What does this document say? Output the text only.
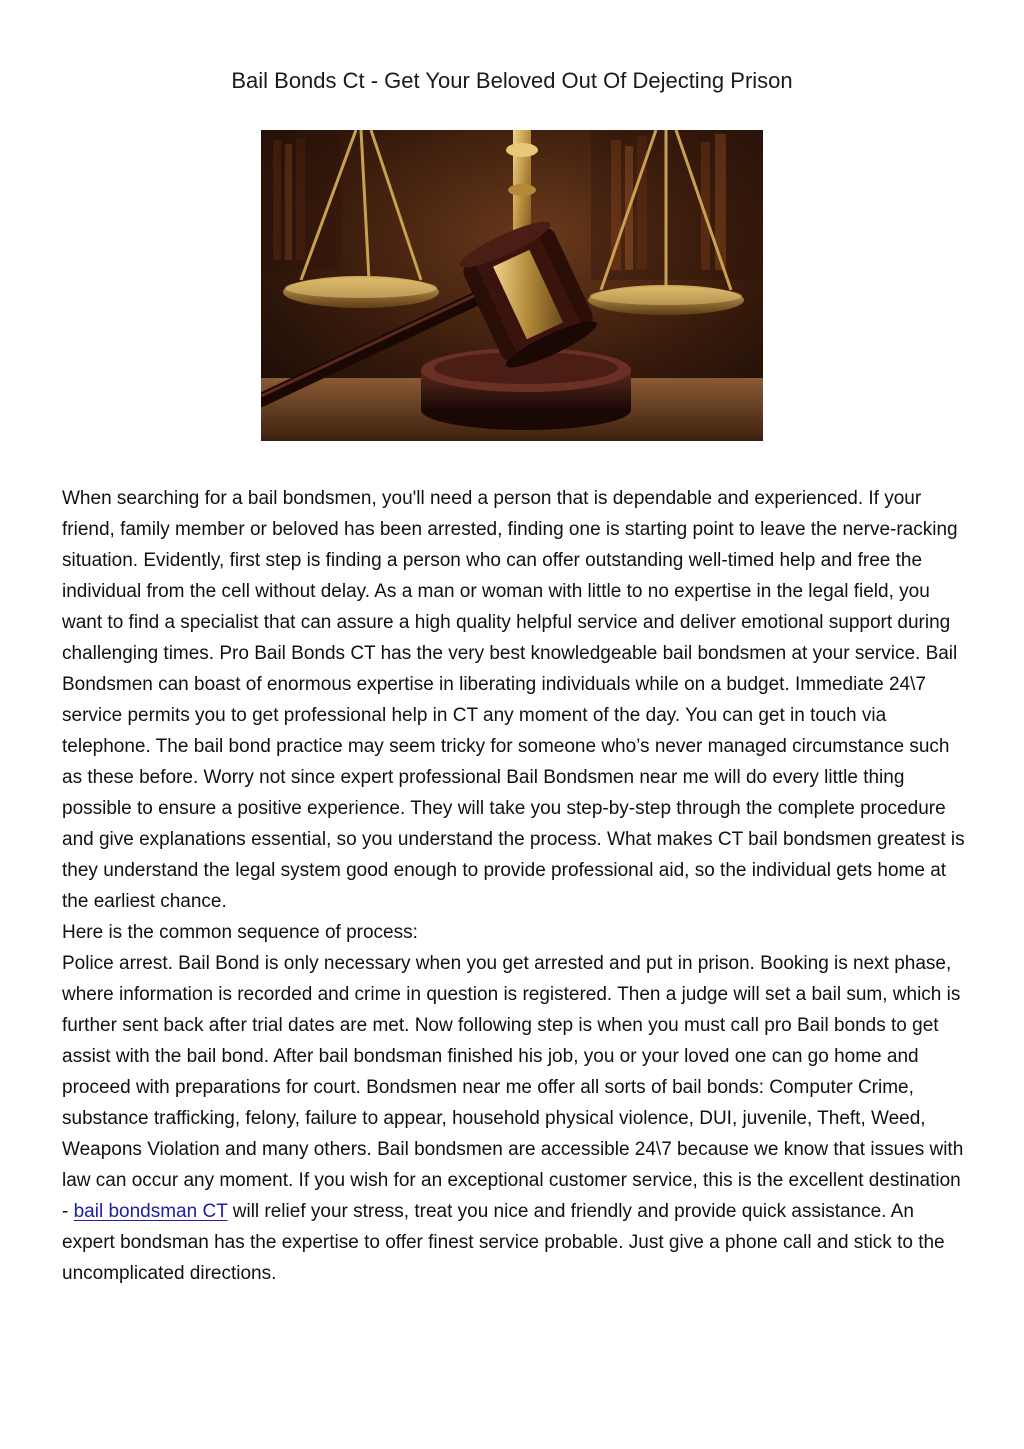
Bail Bonds Ct - Get Your Beloved Out Of Dejecting Prison

When searching for a bail bondsmen, you'll need a person that is dependable and experienced. If your friend, family member or beloved has been arrested, finding one is starting point to leave the nerve-racking situation. Evidently, first step is finding a person who can offer outstanding well-timed help and free the individual from the cell without delay. As a man or woman with little to no expertise in the legal field, you want to find a specialist that can assure a high quality helpful service and deliver emotional support during challenging times. Pro Bail Bonds CT has the very best knowledgeable bail bondsmen at your service. Bail Bondsmen can boast of enormous expertise in liberating individuals while on a budget. Immediate 24\7 service permits you to get professional help in CT any moment of the day. You can get in touch via telephone. The bail bond practice may seem tricky for someone who’s never managed circumstance such as these before. Worry not since expert professional Bail Bondsmen near me will do every little thing possible to ensure a positive experience. They will take you step-by-step through the complete procedure and give explanations essential, so you understand the process. What makes CT bail bondsmen greatest is they understand the legal system good enough to provide professional aid, so the individual gets home at the earliest chance.

Here is the common sequence of process:

Police arrest. Bail Bond is only necessary when you get arrested and put in prison. Booking is next phase, where information is recorded and crime in question is registered. Then a judge will set a bail sum, which is further sent back after trial dates are met. Now following step is when you must call pro Bail bonds to get assist with the bail bond. After bail bondsman finished his job, you or your loved one can go home and proceed with preparations for court. Bondsmen near me offer all sorts of bail bonds: Computer Crime, substance trafficking, felony, failure to appear, household physical violence, DUI, juvenile, Theft, Weed, Weapons Violation and many others. Bail bondsmen are accessible 24\7 because we know that issues with law can occur any moment. If you wish for an exceptional customer service, this is the excellent destination - bail bondsman CT will relief your stress, treat you nice and friendly and provide quick assistance. An expert bondsman has the expertise to offer finest service probable. Just give a phone call and stick to the uncomplicated directions.
